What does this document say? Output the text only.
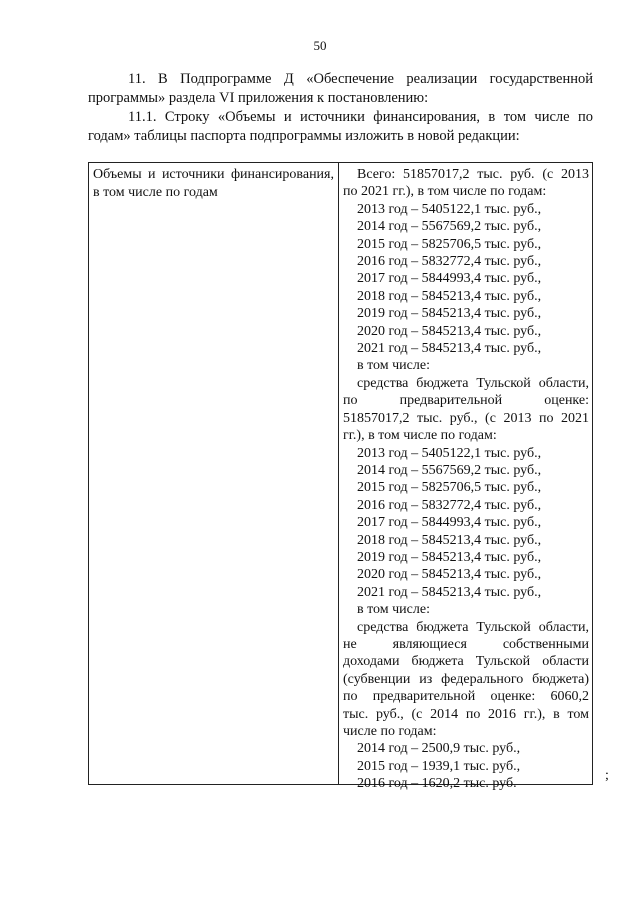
50
11. В Подпрограмме Д «Обеспечение реализации государственной программы» раздела VI приложения к постановлению:
11.1. Строку «Объемы и источники финансирования, в том числе по годам» таблицы паспорта подпрограммы изложить в новой редакции:
Объемы и источники финансирования, в том числе по годам
Всего: 51857017,2 тыс. руб. (с 2013
по 2021 гг.), в том числе по годам:
2013 год – 5405122,1 тыс. руб.,
2014 год – 5567569,2 тыс. руб.,
2015 год – 5825706,5 тыс. руб.,
2016 год – 5832772,4 тыс. руб.,
2017 год – 5844993,4 тыс. руб.,
2018 год – 5845213,4 тыс. руб.,
2019 год – 5845213,4 тыс. руб.,
2020 год – 5845213,4 тыс. руб.,
2021 год – 5845213,4 тыс. руб.,
в том числе:
средства бюджета Тульской области,
по предварительной оценке:
51857017,2 тыс. руб., (с 2013 по 2021
гг.), в том числе по годам:
2013 год – 5405122,1 тыс. руб.,
2014 год – 5567569,2 тыс. руб.,
2015 год – 5825706,5 тыс. руб.,
2016 год – 5832772,4 тыс. руб.,
2017 год – 5844993,4 тыс. руб.,
2018 год – 5845213,4 тыс. руб.,
2019 год – 5845213,4 тыс. руб.,
2020 год – 5845213,4 тыс. руб.,
2021 год – 5845213,4 тыс. руб.,
в том числе:
средства бюджета Тульской области,
не являющиеся собственными
доходами бюджета Тульской области
(субвенции из федерального бюджета)
по предварительной оценке: 6060,2
тыс. руб., (с 2014 по 2016 гг.), в том
числе по годам:
2014 год – 2500,9 тыс. руб.,
2015 год – 1939,1 тыс. руб.,
2016 год – 1620,2 тыс. руб.
;
